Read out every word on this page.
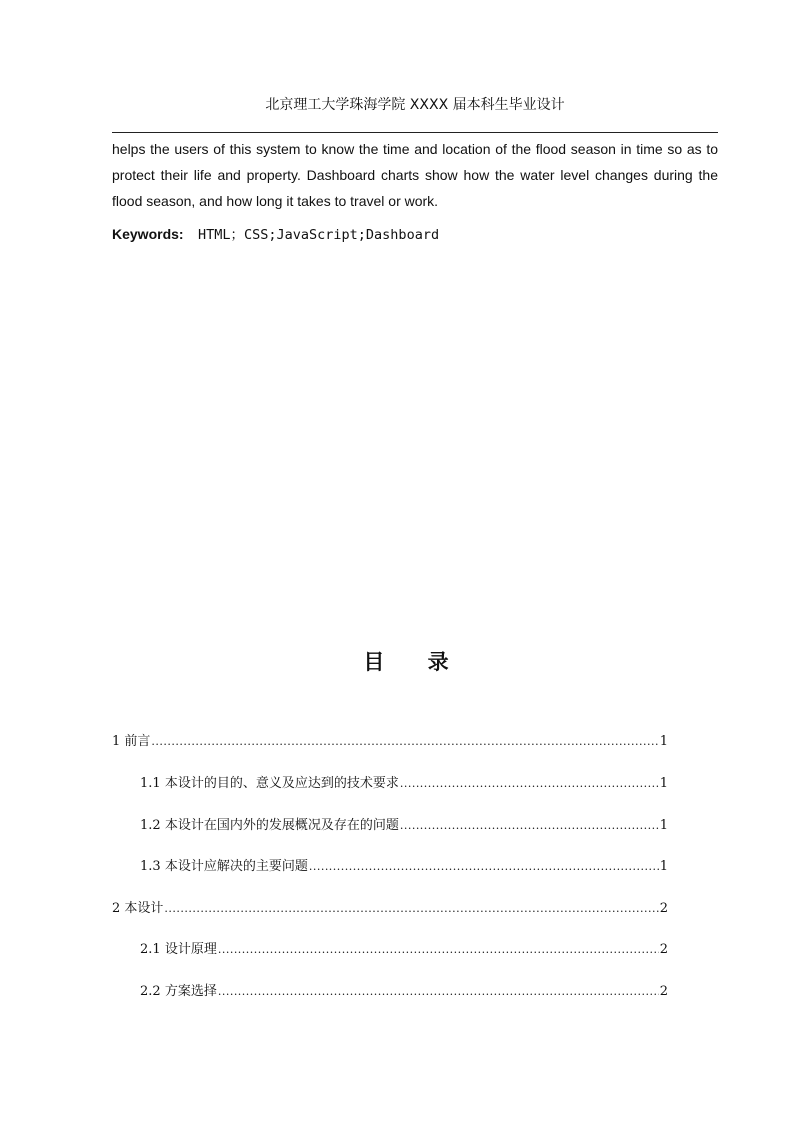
北京理工大学珠海学院 XXXX 届本科生毕业设计

helps the users of this system to know the time and location of the flood season in time so as to protect their life and property. Dashboard charts show how the water level changes during the flood season, and how long it takes to travel or work.

Keywords: HTML；CSS;JavaScript;Dashboard
目 录
1 前言 .....	1
1.1 本设计的目的、意义及应达到的技术要求 .....	1
1.2 本设计在国内外的发展概况及存在的问题 .....	1
1.3 本设计应解决的主要问题 .....	1
2 本设计 .....	2
2.1 设计原理 .....	2
2.2 方案选择 .....	2
